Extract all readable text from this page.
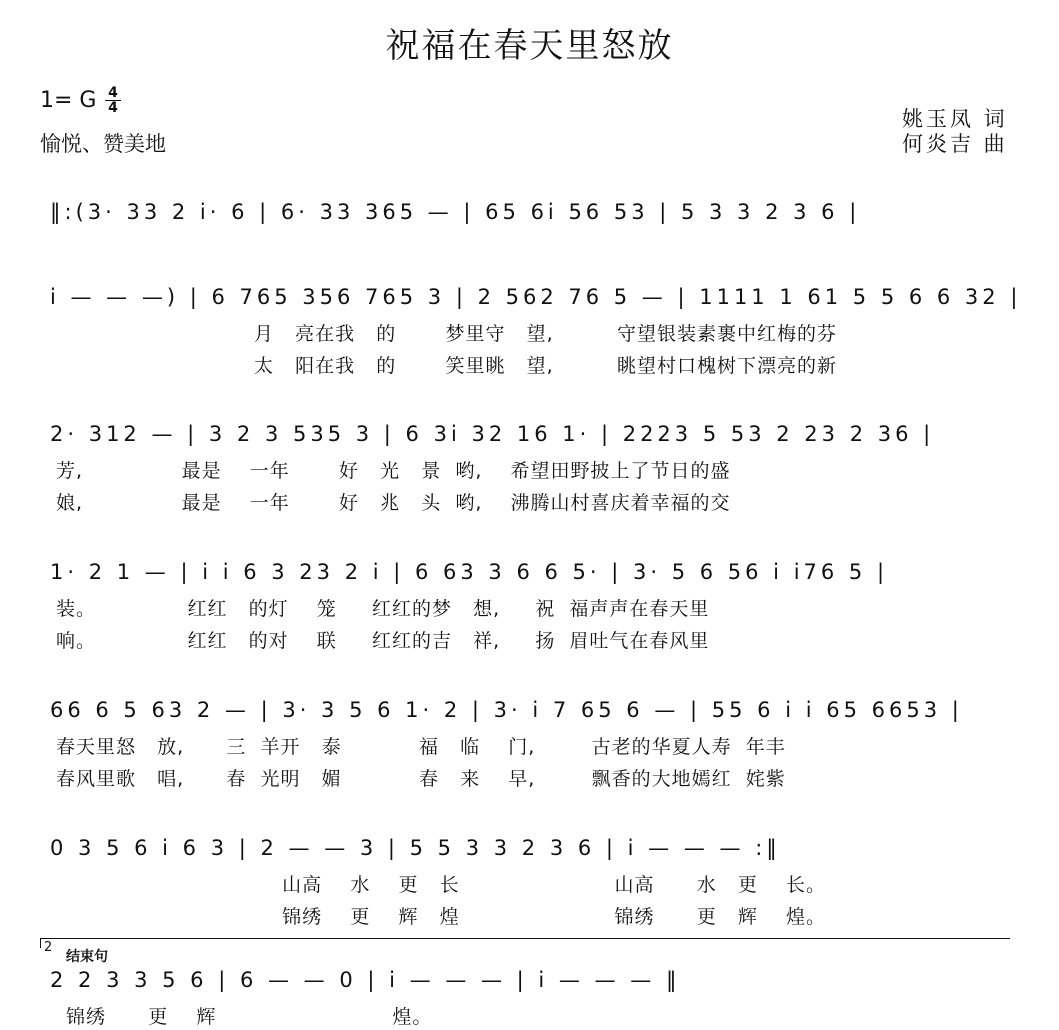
祝福在春天里怒放
1= G 4
4
愉悦、赞美地
姚玉凤 词
何炎吉 曲
‖:(3· 33 2 i· 6 | 6· 33 365 — | 65 6i 56 53 | 5 3 3 2 3 6 |
i — — —) | 6 765 356 765 3 | 2 562 76 5 — | 1111 1 61 5 5 6 6 32 |
月   亮在我   的       梦里守   望,         守望银装素裹中红梅的芬
太   阳在我   的       笑里眺   望,         眺望村口槐树下漂亮的新
2· 312 — | 3 2 3 535 3 | 6 3i 32 16 1· | 2223 5 53 2 23 2 36 |
芳,              最是    一年       好   光   景  哟,    希望田野披上了节日的盛
娘,              最是    一年       好   兆   头  哟,    沸腾山村喜庆着幸福的交
1· 2 1 — | i i 6 3 23 2 i | 6 63 3 6 6 5· | 3· 5 6 56 i i76 5 |
装。             红红   的灯    笼     红红的梦   想,     祝  福声声在春天里
响。             红红   的对    联     红红的吉   祥,     扬  眉吐气在春风里
66 6 5 63 2 — | 3· 3 5 6 1· 2 | 3· i 7 65 6 — | 55 6 i i 65 6653 |
春天里怒   放,      三  羊开   泰           福   临    门,        古老的华夏人寿  年丰
春风里歌   唱,      春  光明   媚           春   来    早,        飘香的大地嫣红  姹紫
0 3 5 6 i 6 3 | 2 — — 3 | 5 5 3 3 2 3 6 | i — — — :‖
山高    水    更   长                      山高      水   更    长。
锦绣    更    辉   煌                      锦绣      更   辉    煌。
2 2 3 3 5 6 | 6 — — 0 | i — — — | i — — — ‖
锦绣      更    辉                         煌。
2
结束句
